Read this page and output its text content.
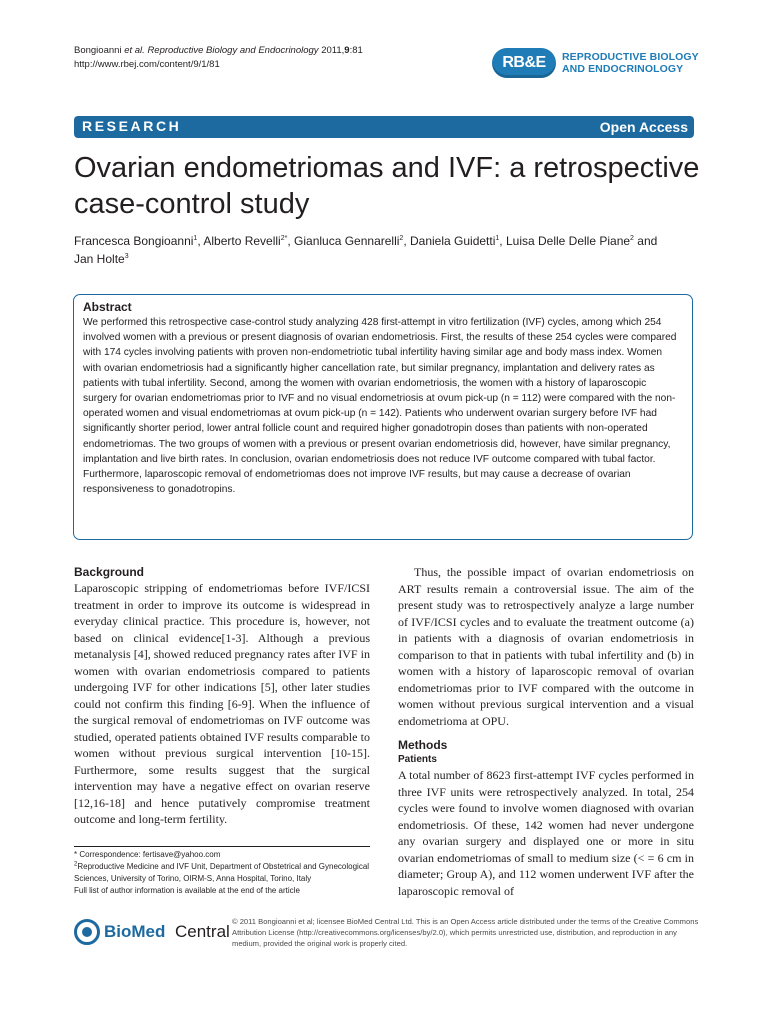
Bongioanni et al. Reproductive Biology and Endocrinology 2011,9:81
http://www.rbej.com/content/9/1/81	RB&E	REPRODUCTIVE BIOLOGY
AND ENDOCRINOLOGY
RESEARCH	Open Access
Ovarian endometriomas and IVF: a retrospective
case-control study
Francesca Bongioanni$^1$, Alberto Revelli$^{2*}$, Gianluca Gennarelli$^2$, Daniela Guidetti$^1$, Luisa Delle Delle Piane$^2$ and
Jan Holte$^3$
Abstract

We performed this retrospective case-control study analyzing 428 first-attempt in vitro fertilization (IVF) cycles, among which 254 involved women with a previous or present diagnosis of ovarian endometriosis. First, the results of these 254 cycles were compared with 174 cycles involving patients with proven non-endometriotic tubal infertility having similar age and body mass index. Women with ovarian endometriosis had a significantly higher cancellation rate, but similar pregnancy, implantation and delivery rates as patients with tubal infertility. Second, among the women with ovarian endometriosis, the women with a history of laparoscopic surgery for ovarian endometriomas prior to IVF and no visual endometriosis at ovum pick-up (n = 112) were compared with the non-operated women and visual endometriomas at ovum pick-up (n = 142). Patients who underwent ovarian surgery before IVF had significantly shorter period, lower antral follicle count and required higher gonadotropin doses than patients with non-operated endometriomas. The two groups of women with a previous or present ovarian endometriosis did, however, have similar pregnancy, implantation and live birth rates. In conclusion, ovarian endometriosis does not reduce IVF outcome compared with tubal factor. Furthermore, laparoscopic removal of endometriomas does not improve IVF results, but may cause a decrease of ovarian responsiveness to gonadotropins.

Background

Laparoscopic stripping of endometriomas before IVF/ICSI treatment in order to improve its outcome is widespread in everyday clinical practice. This procedure is, however, not based on clinical evidence[1-3]. Although a previous metanalysis [4], showed reduced pregnancy rates after IVF in women with ovarian endometriosis compared to patients undergoing IVF for other indications [5], other later studies could not confirm this finding [6-9]. When the influence of the surgical removal of endometriomas on IVF outcome was studied, operated patients obtained IVF results comparable to women without previous surgical intervention [10-15]. Furthermore, some results suggest that the surgical intervention may have a negative effect on ovarian reserve [12,16-18] and hence putatively compromise treatment outcome and long-term fertility.

* Correspondence: fertisave@yahoo.com

$^2$Reproductive Medicine and IVF Unit, Department of Obstetrical and Gynecological Sciences, University of Torino, OIRM-S, Anna Hospital, Torino, Italy

Full list of author information is available at the end of the article

Thus, the possible impact of ovarian endometriosis on ART results remain a controversial issue. The aim of the present study was to retrospectively analyze a large number of IVF/ICSI cycles and to evaluate the treatment outcome (a) in patients with a diagnosis of ovarian endometriosis in comparison to that in patients with tubal infertility and (b) in women with a history of laparoscopic removal of ovarian endometriomas prior to IVF compared with the outcome in women without previous surgical intervention and a visual endometrioma at OPU.

Methods
Patients

A total number of 8623 first-attempt IVF cycles performed in three IVF units were retrospectively analyzed. In total, 254 cycles were found to involve women diagnosed with ovarian endometriosis. Of these, 142 women had never undergone any ovarian surgery and displayed one or more in situ ovarian endometriomas of small to medium size (< = 6 cm in diameter; Group A), and 112 women underwent IVF after the laparoscopic removal of

BioMed Central
© 2011 Bongioanni et al; licensee BioMed Central Ltd. This is an Open Access article distributed under the terms of the Creative Commons Attribution License (http://creativecommons.org/licenses/by/2.0), which permits unrestricted use, distribution, and reproduction in any medium, provided the original work is properly cited.
